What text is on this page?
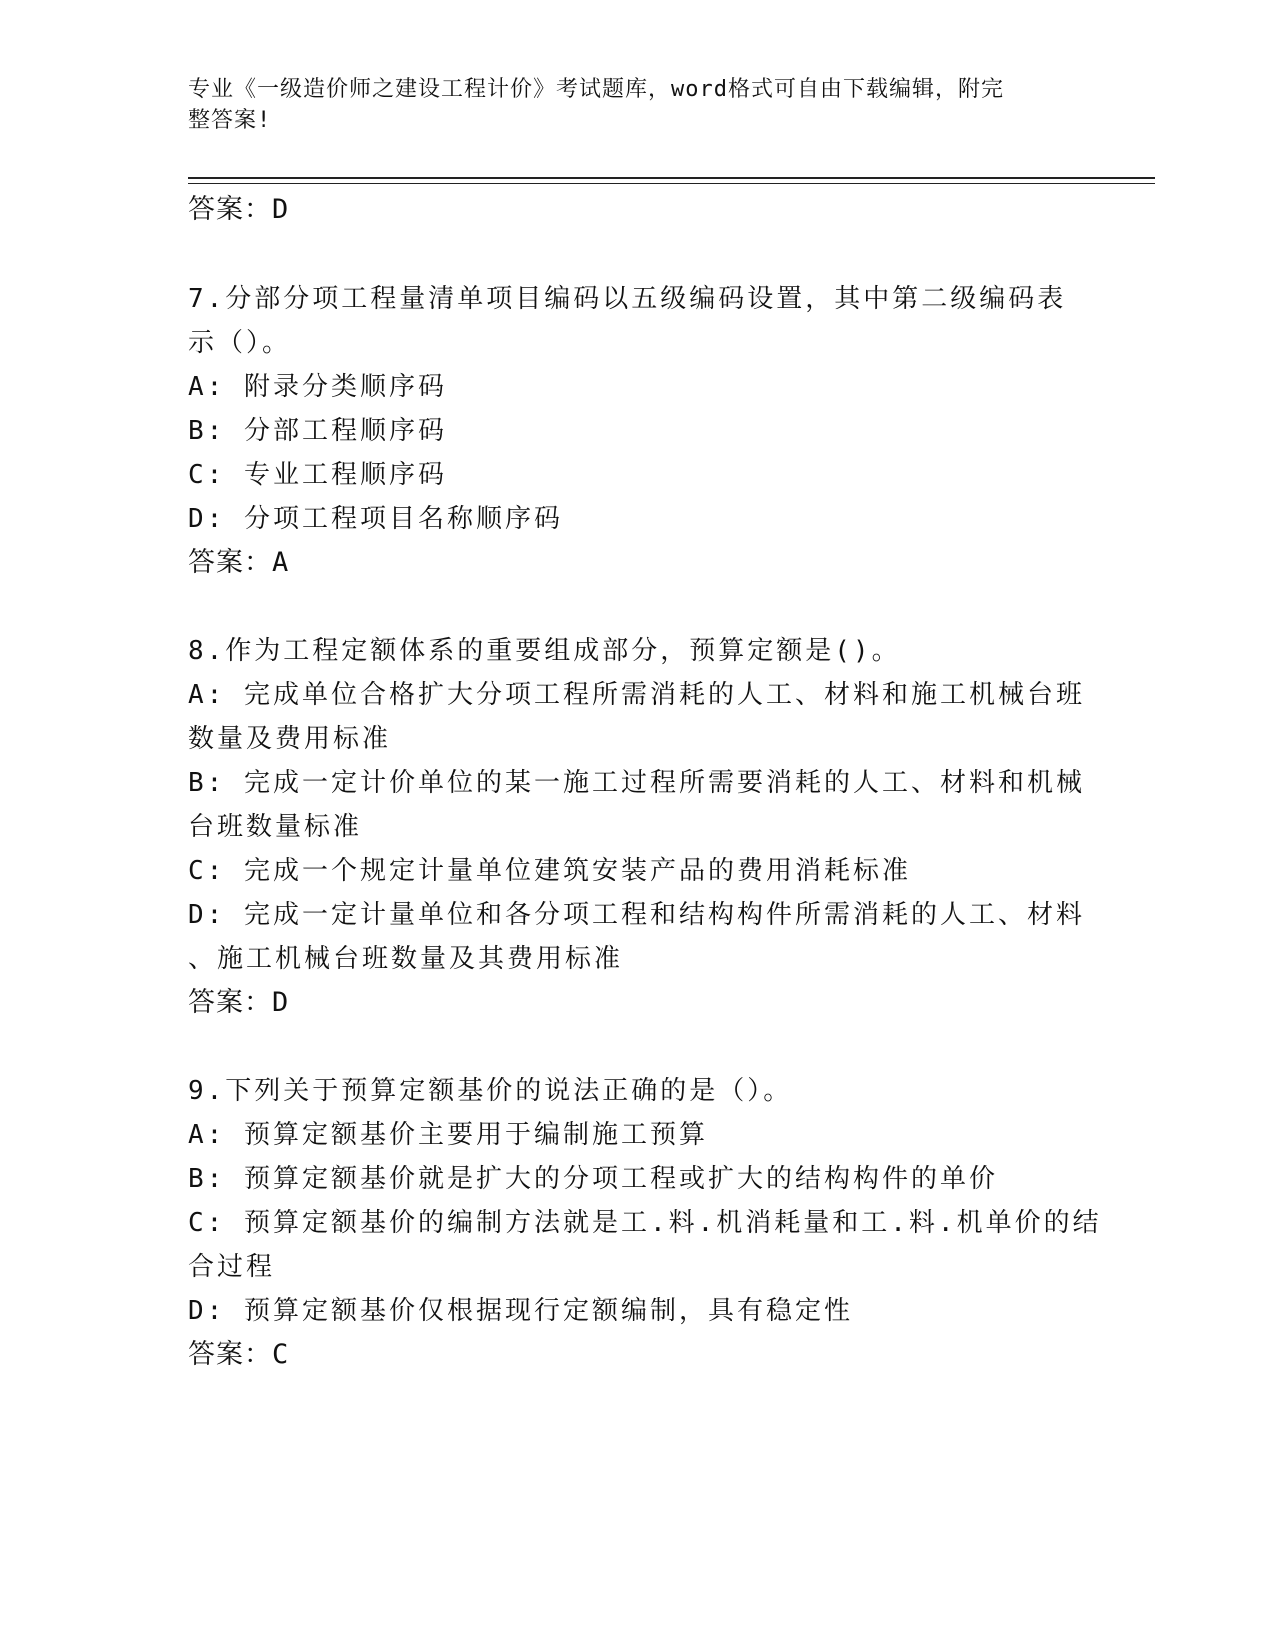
专业《一级造价师之建设工程计价》考试题库，word格式可自由下载编辑，附完
整答案!
答案：D
7.分部分项工程量清单项目编码以五级编码设置，其中第二级编码表
示（）。
A: 附录分类顺序码
B: 分部工程顺序码
C: 专业工程顺序码
D: 分项工程项目名称顺序码
答案：A
8.作为工程定额体系的重要组成部分，预算定额是()。
A: 完成单位合格扩大分项工程所需消耗的人工、材料和施工机械台班
数量及费用标准
B: 完成一定计价单位的某一施工过程所需要消耗的人工、材料和机械
台班数量标准
C: 完成一个规定计量单位建筑安装产品的费用消耗标准
D: 完成一定计量单位和各分项工程和结构构件所需消耗的人工、材料
、施工机械台班数量及其费用标准
答案：D
9.下列关于预算定额基价的说法正确的是（）。
A: 预算定额基价主要用于编制施工预算
B: 预算定额基价就是扩大的分项工程或扩大的结构构件的单价
C: 预算定额基价的编制方法就是工.料.机消耗量和工.料.机单价的结
合过程
D: 预算定额基价仅根据现行定额编制，具有稳定性
答案：C
